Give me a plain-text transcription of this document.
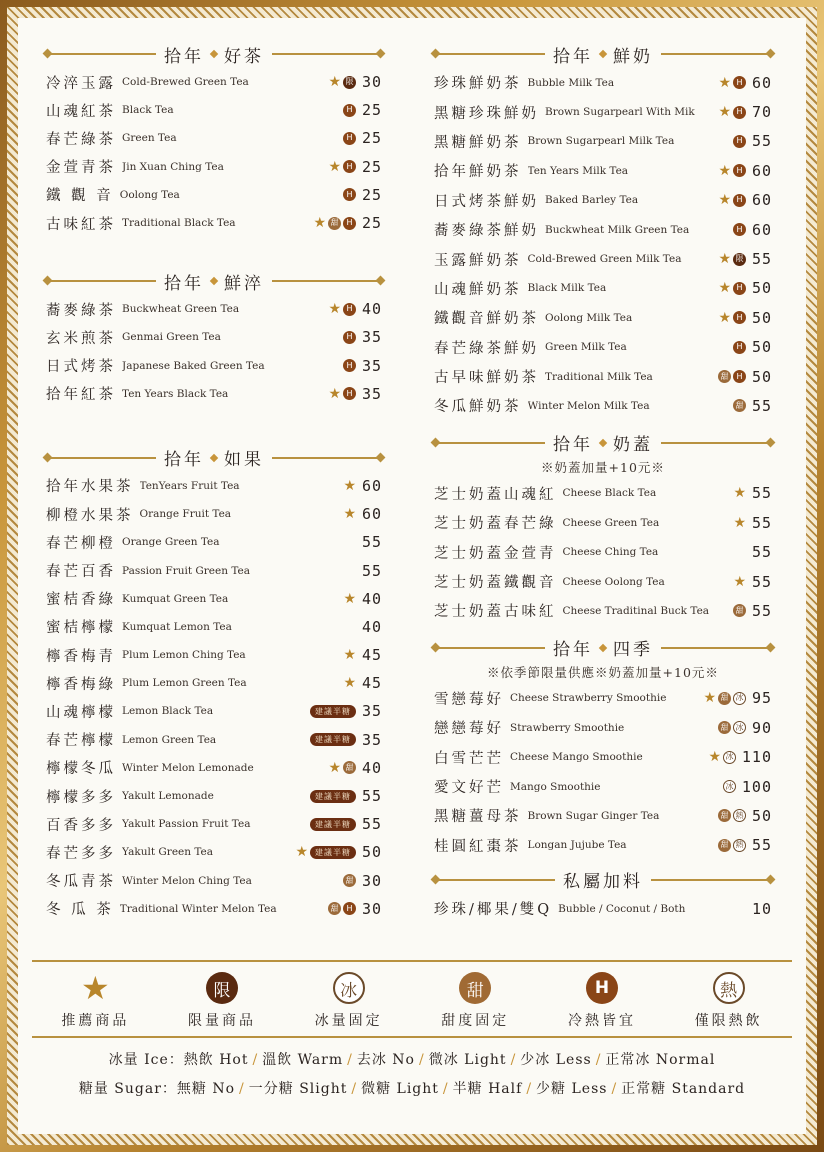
拾年 好茶
冷淬玉露 Cold-Brewed Green Tea	★ 限 30
山魂紅茶 Black Tea	H 25
春芒綠茶 Green Tea	H 25
金萱青茶 Jin Xuan Ching Tea	★ H 25
鐵 觀 音 Oolong Tea	H 25
古味紅茶 Traditional Black Tea	★ 甜 H 25
拾年 鮮淬
蕎麥綠茶 Buckwheat Green Tea	★ H 40
玄米煎茶 Genmai Green Tea	H 35
日式烤茶 Japanese Baked Green Tea	H 35
拾年紅茶 Ten Years Black Tea	★ H 35
拾年 如果
拾年水果茶 TenYears Fruit Tea	★ 60
柳橙水果茶 Orange Fruit Tea	★ 60
春芒柳橙 Orange Green Tea	55
春芒百香 Passion Fruit Green Tea	55
蜜桔香綠 Kumquat Green Tea	★ 40
蜜桔檸檬 Kumquat Lemon Tea	40
檸香梅青 Plum Lemon Ching Tea	★ 45
檸香梅綠 Plum Lemon Green Tea	★ 45
山魂檸檬 Lemon Black Tea	建議半糖 35
春芒檸檬 Lemon Green Tea	建議半糖 35
檸檬冬瓜 Winter Melon Lemonade	★ 甜 40
檸檬多多 Yakult Lemonade	建議半糖 55
百香多多 Yakult Passion Fruit Tea	建議半糖 55
春芒多多 Yakult Green Tea	★ 建議半糖 50
冬瓜青茶 Winter Melon Ching Tea	甜 30
冬 瓜 茶 Traditional Winter Melon Tea	甜 H 30
拾年 鮮奶
珍珠鮮奶茶 Bubble Milk Tea	★ H 60
黑糖珍珠鮮奶 Brown Sugarpearl With Mik	★ H 70
黑糖鮮奶茶 Brown Sugarpearl Milk Tea	H 55
拾年鮮奶茶 Ten Years Milk Tea	★ H 60
日式烤茶鮮奶 Baked Barley Tea	★ H 60
蕎麥綠茶鮮奶 Buckwheat Milk Green Tea	H 60
玉露鮮奶茶 Cold-Brewed Green Milk Tea	★ 限 55
山魂鮮奶茶 Black Milk Tea	★ H 50
鐵觀音鮮奶茶 Oolong Milk Tea	★ H 50
春芒綠茶鮮奶 Green Milk Tea	H 50
古早味鮮奶茶 Traditional Milk Tea	甜 H 50
冬瓜鮮奶茶 Winter Melon Milk Tea	甜 55
拾年 奶蓋
※奶蓋加量+10元※
芝士奶蓋山魂紅 Cheese Black Tea	★ 55
芝士奶蓋春芒綠 Cheese Green Tea	★ 55
芝士奶蓋金萱青 Cheese Ching Tea	55
芝士奶蓋鐵觀音 Cheese Oolong Tea	★ 55
芝士奶蓋古味紅 Cheese Traditinal Buck Tea	甜 55
拾年 四季
※依季節限量供應※奶蓋加量+10元※
雪戀莓好 Cheese Strawberry Smoothie	★ 甜 冰 95
戀戀莓好 Strawberry Smoothie	甜 冰 90
白雪芒芒 Cheese Mango Smoothie	★ 冰 110
愛文好芒 Mango Smoothie	冰 100
黑糖薑母茶 Brown Sugar Ginger Tea	甜 熱 50
桂圓紅棗茶 Longan Jujube Tea	甜 熱 55
私屬加料
珍珠/椰果/雙Q Bubble / Coconut / Both	10
★
推薦商品
限
限量商品
冰
冰量固定
甜
甜度固定
H
冷熱皆宜
熱
僅限熱飲
冰量 Ice：熱飲 Hot / 溫飲 Warm / 去冰 No / 微冰 Light / 少冰 Less / 正常冰 Normal
糖量 Sugar：無糖 No / 一分糖 Slight / 微糖 Light / 半糖 Half / 少糖 Less / 正常糖 Standard
